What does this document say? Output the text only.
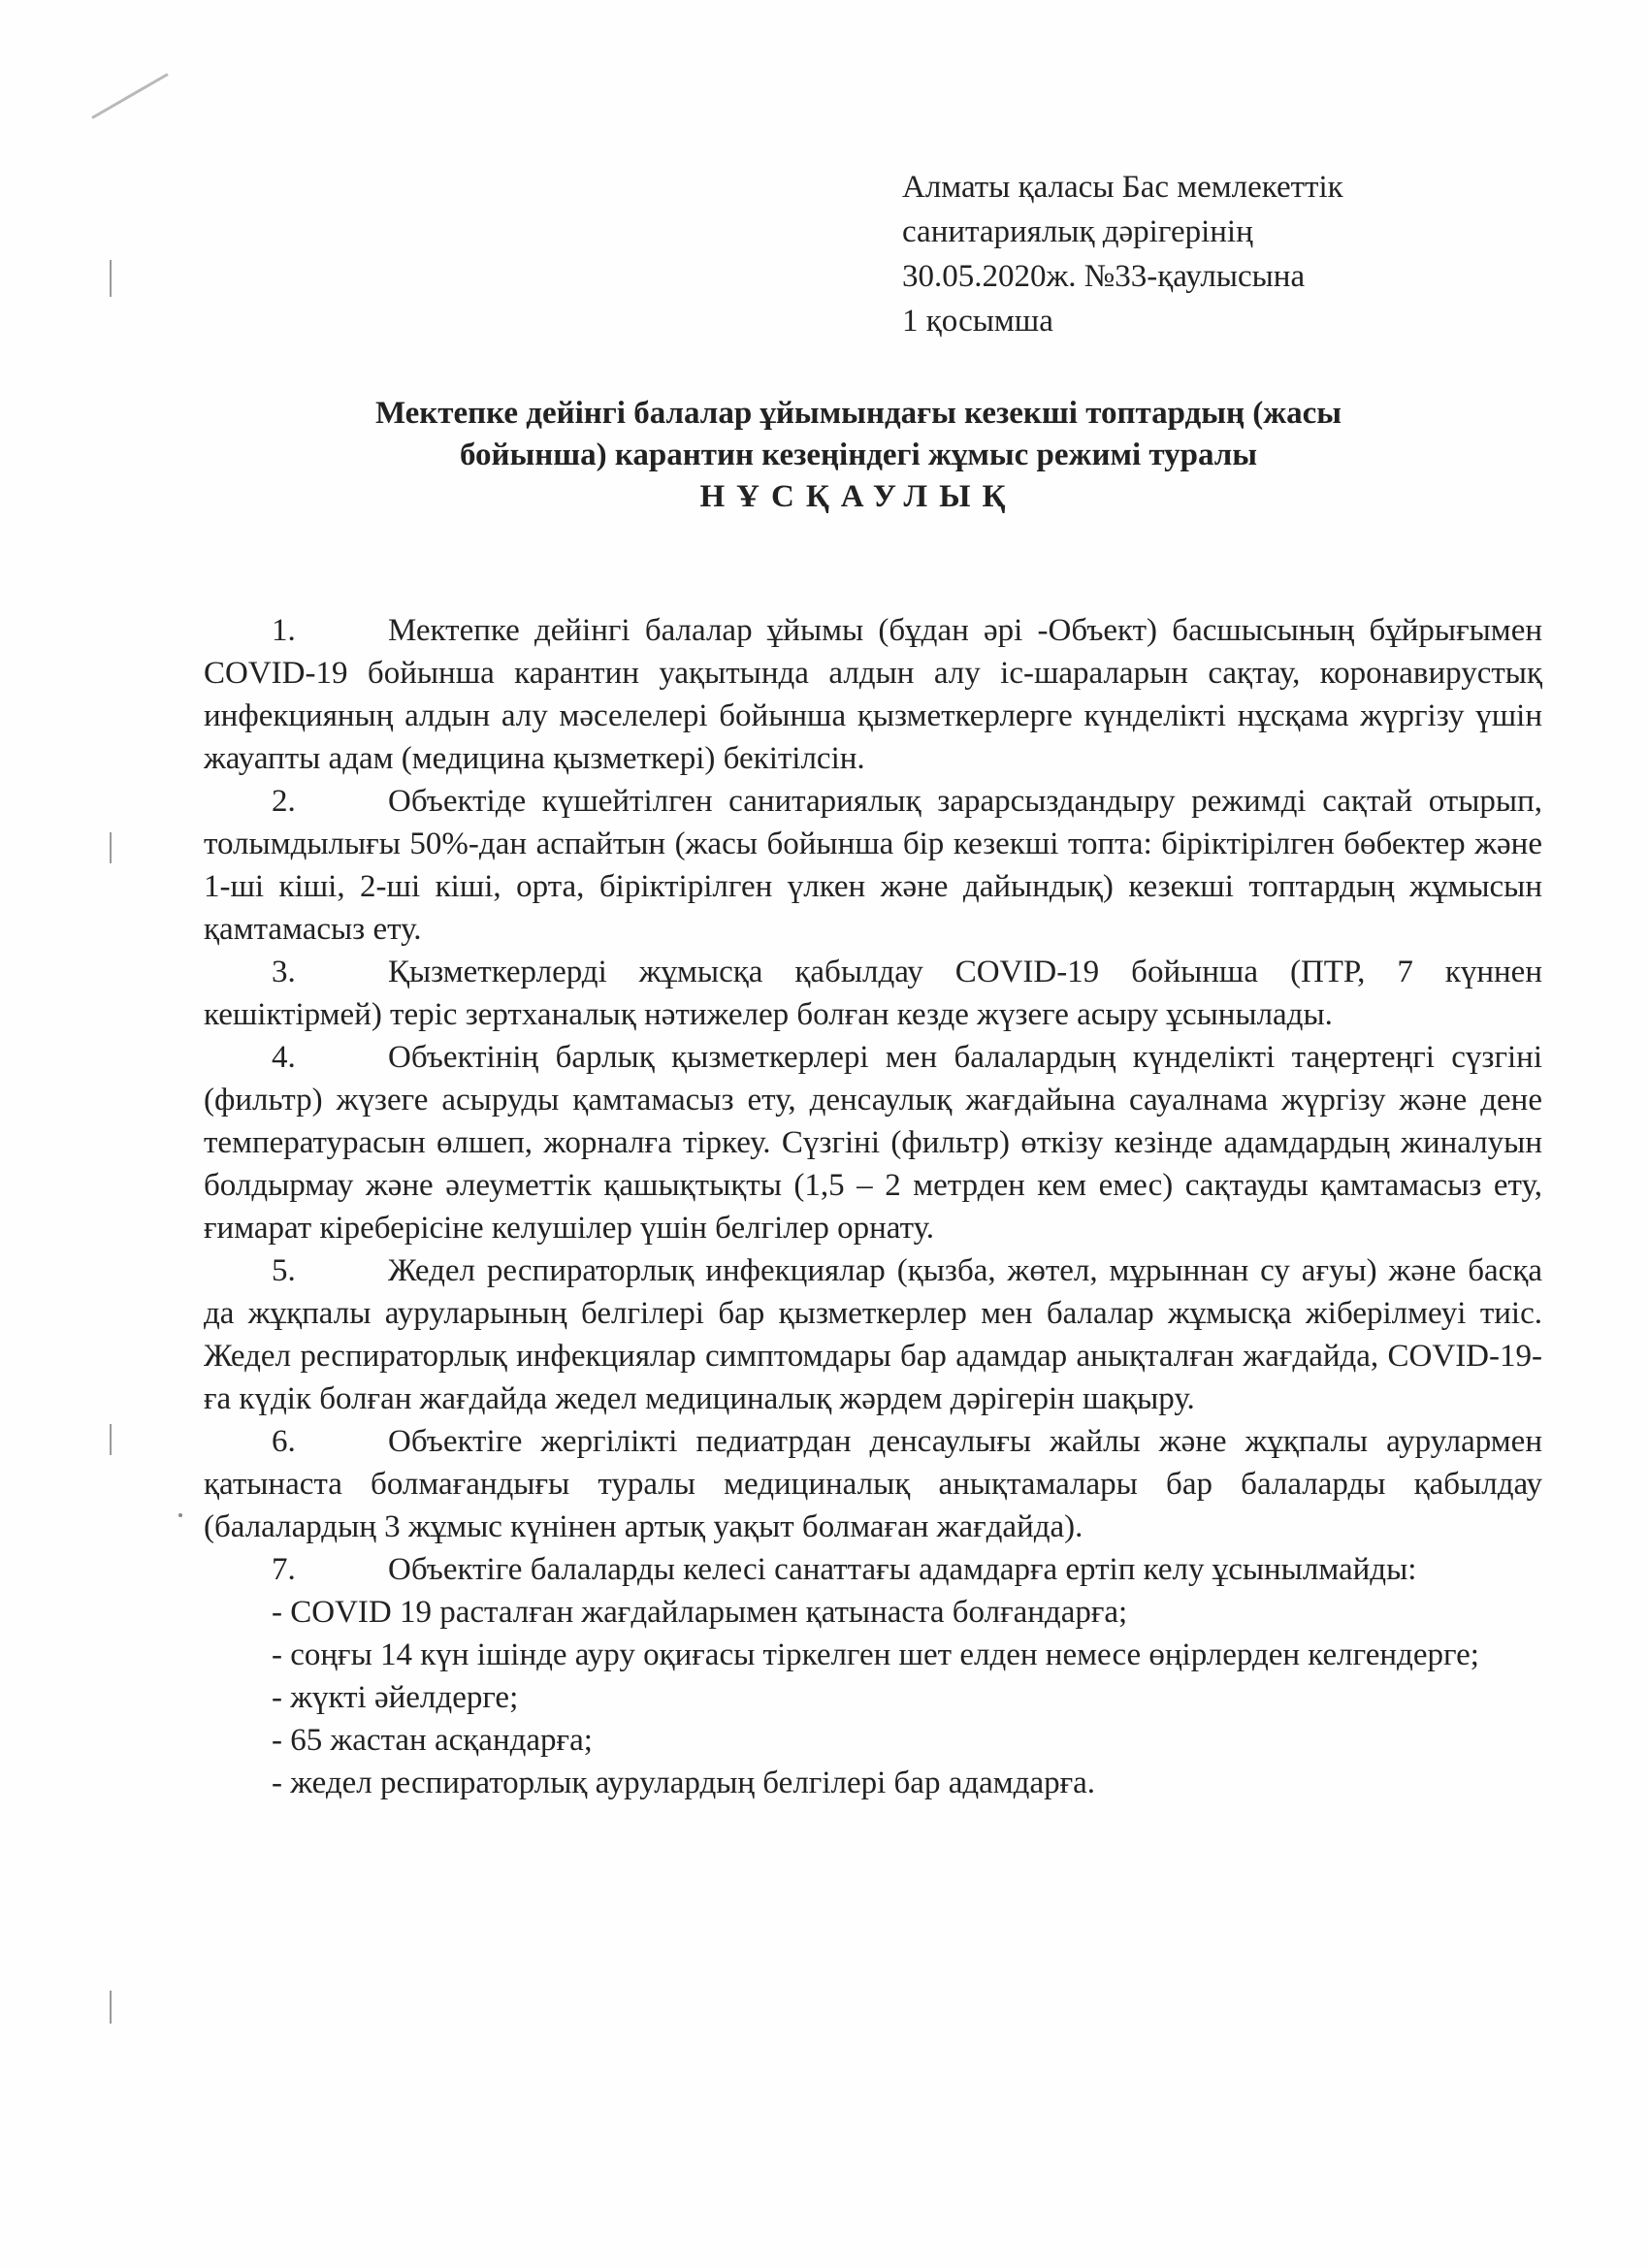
Алматы қаласы Бас мемлекеттік
санитариялық дәрігерінің
30.05.2020ж. №33-қаулысына
1 қосымша
Мектепке дейінгі балалар ұйымындағы кезекші топтардың (жасы
бойынша) карантин кезеңіндегі жұмыс режимі туралы
НҰСҚАУЛЫҚ

1.	Мектепке дейінгі балалар ұйымы (бұдан әрі -Объект) басшысының бұйрығымен COVID-19 бойынша карантин уақытында алдын алу іс-шараларын сақтау, коронавирустық инфекцияның алдын алу мәселелері бойынша қызметкерлерге күнделікті нұсқама жүргізу үшін жауапты адам (медицина қызметкері) бекітілсін.

2.	Объектіде күшейтілген санитариялық зарарсыздандыру режимді сақтай отырып, толымдылығы 50%-дан аспайтын (жасы бойынша бір кезекші топта: біріктірілген бөбектер және 1-ші кіші, 2-ші кіші, орта, біріктірілген үлкен және дайындық) кезекші топтардың жұмысын қамтамасыз ету.

3.	Қызметкерлерді жұмысқа қабылдау COVID-19 бойынша (ПТР, 7 күннен кешіктірмей) теріс зертханалық нәтижелер болған кезде жүзеге асыру ұсынылады.

4.	Объектінің барлық қызметкерлері мен балалардың күнделікті таңертеңгі сүзгіні (фильтр) жүзеге асыруды қамтамасыз ету, денсаулық жағдайына сауалнама жүргізу және дене температурасын өлшеп, жорналға тіркеу. Сүзгіні (фильтр) өткізу кезінде адамдардың жиналуын болдырмау және әлеуметтік қашықтықты (1,5 – 2 метрден кем емес) сақтауды қамтамасыз ету, ғимарат кіреберісіне келушілер үшін белгілер орнату.

5.	Жедел респираторлық инфекциялар (қызба, жөтел, мұрыннан су ағуы) және басқа да жұқпалы ауруларының белгілері бар қызметкерлер мен балалар жұмысқа жіберілмеуі тиіс. Жедел респираторлық инфекциялар симптомдары бар адамдар анықталған жағдайда, COVID-19-ға күдік болған жағдайда жедел медициналық жәрдем дәрігерін шақыру.

6.	Объектіге жергілікті педиатрдан денсаулығы жайлы және жұқпалы аурулармен қатынаста болмағандығы туралы медициналық анықтамалары бар балаларды қабылдау (балалардың 3 жұмыс күнінен артық уақыт болмаған жағдайда).

7.	Объектіге балаларды келесі санаттағы адамдарға ертіп келу ұсынылмайды:

- COVID 19 расталған жағдайларымен қатынаста болғандарға;

- соңғы 14 күн ішінде ауру оқиғасы тіркелген шет елден немесе өңірлерден келгендерге;

- жүкті әйелдерге;

- 65 жастан асқандарға;

- жедел респираторлық аурулардың белгілері бар адамдарға.
